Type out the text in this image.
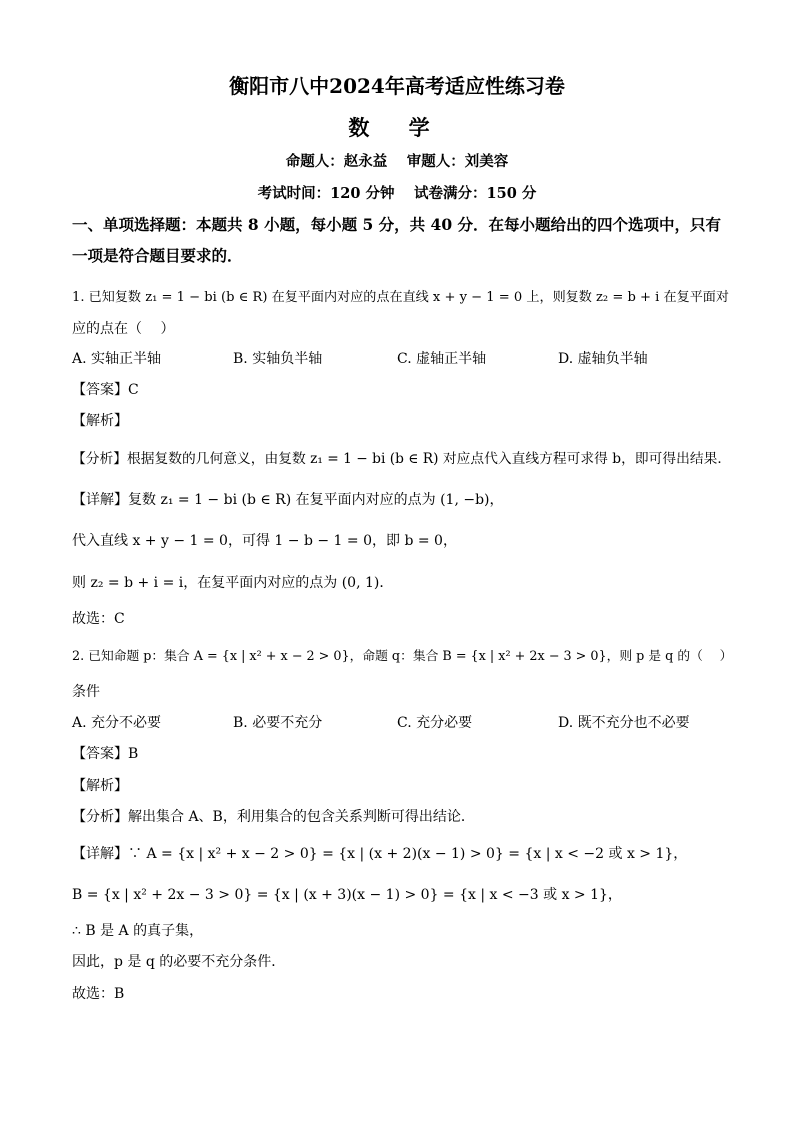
衡阳市八中2024年高考适应性练习卷
数 学
命题人：赵永益　 审题人：刘美容
考试时间：120 分钟　 试卷满分：150 分
一、单项选择题：本题共 8 小题，每小题 5 分，共 40 分．在每小题给出的四个选项中，只有
一项是符合题目要求的．
1. 已知复数 z₁ = 1 − bi (b ∈ R) 在复平面内对应的点在直线 x + y − 1 = 0 上，则复数 z₂ = b + i 在复平面对
应的点在（　 ）
A. 实轴正半轴	B. 实轴负半轴	C. 虚轴正半轴	D. 虚轴负半轴
【答案】C
【解析】
【分析】根据复数的几何意义，由复数 z₁ = 1 − bi (b ∈ R) 对应点代入直线方程可求得 b，即可得出结果．
【详解】复数 z₁ = 1 − bi (b ∈ R) 在复平面内对应的点为 (1, −b)，
代入直线 x + y − 1 = 0，可得 1 − b − 1 = 0，即 b = 0，
则 z₂ = b + i = i，在复平面内对应的点为 (0, 1)．
故选：C
2. 已知命题 p：集合 A = {x | x² + x − 2 > 0}，命题 q：集合 B = {x | x² + 2x − 3 > 0}，则 p 是 q 的（　 ）
条件
A. 充分不必要	B. 必要不充分	C. 充分必要	D. 既不充分也不必要
【答案】B
【解析】
【分析】解出集合 A、B，利用集合的包含关系判断可得出结论．
【详解】∵ A = {x | x² + x − 2 > 0} = {x | (x + 2)(x − 1) > 0} = {x | x < −2 或 x > 1}，
B = {x | x² + 2x − 3 > 0} = {x | (x + 3)(x − 1) > 0} = {x | x < −3 或 x > 1}，
∴ B 是 A 的真子集，
因此，p 是 q 的必要不充分条件．
故选：B
